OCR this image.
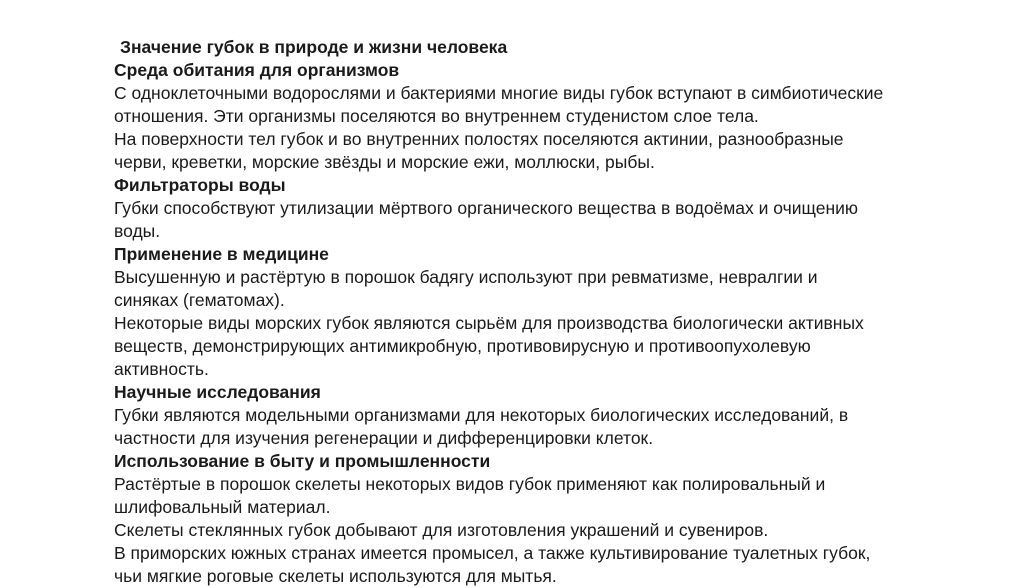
Значение губок в природе и жизни человека
Среда обитания для организмов
С одноклеточными водорослями и бактериями многие виды губок вступают в симбиотические
отношения. Эти организмы поселяются во внутреннем студенистом слое тела.
На поверхности тел губок и во внутренних полостях поселяются актинии, разнообразные
черви, креветки, морские звёзды и морские ежи, моллюски, рыбы.
Фильтраторы воды
Губки способствуют утилизации мёртвого органического вещества в водоёмах и очищению
воды.
Применение в медицине
Высушенную и растёртую в порошок бадягу используют при ревматизме, невралгии и
синяках (гематомах).
Некоторые виды морских губок являются сырьём для производства биологически активных
веществ, демонстрирующих антимикробную, противовирусную и противоопухолевую
активность.
Научные исследования
Губки являются модельными организмами для некоторых биологических исследований, в
частности для изучения регенерации и дифференцировки клеток.
Использование в быту и промышленности
Растёртые в порошок скелеты некоторых видов губок применяют как полировальный и
шлифовальный материал.
Скелеты стеклянных губок добывают для изготовления украшений и сувениров.
В приморских южных странах имеется промысел, а также культивирование туалетных губок,
чьи мягкие роговые скелеты используются для мытья.
